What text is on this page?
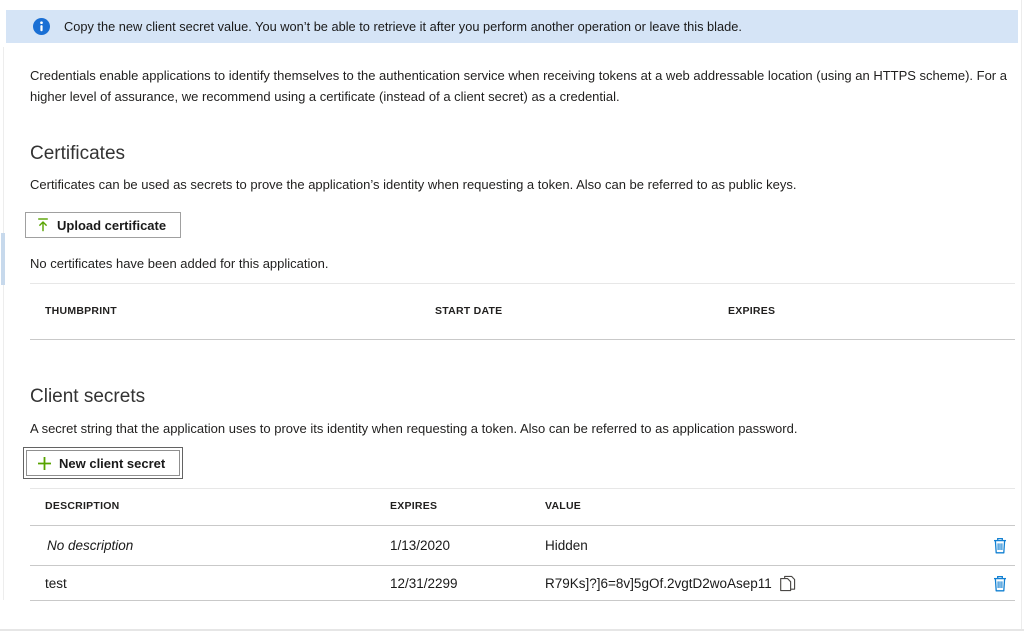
Copy the new client secret value. You won’t be able to retrieve it after you perform another operation or leave this blade.
Credentials enable applications to identify themselves to the authentication service when receiving tokens at a web addressable location (using an HTTPS scheme). For a higher level of assurance, we recommend using a certificate (instead of a client secret) as a credential.
Certificates
Certificates can be used as secrets to prove the application’s identity when requesting a token. Also can be referred to as public keys.
Upload certificate
No certificates have been added for this application.
THUMBPRINT	START DATE	EXPIRES
Client secrets
A secret string that the application uses to prove its identity when requesting a token. Also can be referred to as application password.
New client secret
DESCRIPTION	EXPIRES	VALUE
No description	1/13/2020	Hidden
test	12/31/2299	R79Ks]?]6=8v]5gOf.2vgtD2woAsep11
